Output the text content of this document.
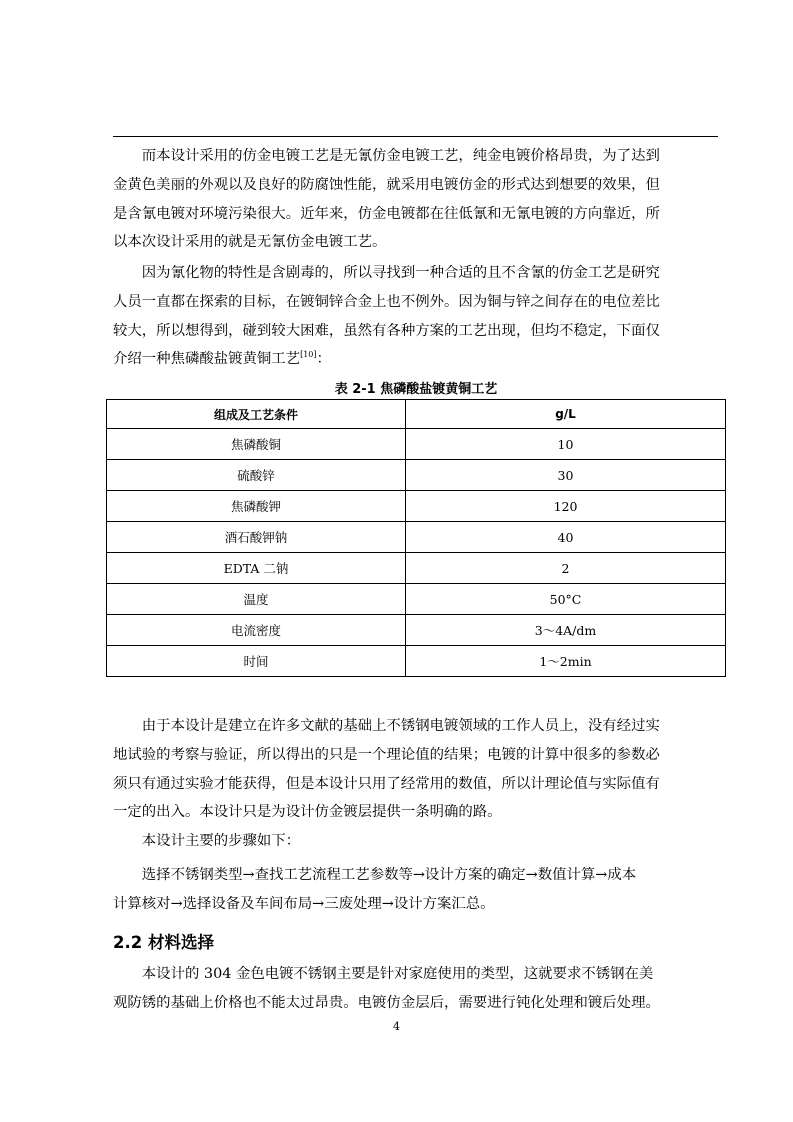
　　而本设计采用的仿金电镀工艺是无氰仿金电镀工艺，纯金电镀价格昂贵，为了达到
金黄色美丽的外观以及良好的防腐蚀性能，就采用电镀仿金的形式达到想要的效果，但
是含氰电镀对环境污染很大。近年来，仿金电镀都在往低氰和无氰电镀的方向靠近，所
以本次设计采用的就是无氰仿金电镀工艺。
　　因为氰化物的特性是含剧毒的，所以寻找到一种合适的且不含氰的仿金工艺是研究
人员一直都在探索的目标，在镀铜锌合金上也不例外。因为铜与锌之间存在的电位差比
较大，所以想得到，碰到较大困难，虽然有各种方案的工艺出现，但均不稳定，下面仅
介绍一种焦磷酸盐镀黄铜工艺[10]：
表 2-1 焦磷酸盐镀黄铜工艺
组成及工艺条件	g/L
焦磷酸铜	10
硫酸锌	30
焦磷酸钾	120
酒石酸钾钠	40
EDTA 二钠	2
温度	50°C
电流密度	3～4A/dm
时间	1～2min
　　由于本设计是建立在许多文献的基础上不锈钢电镀领域的工作人员上，没有经过实
地试验的考察与验证，所以得出的只是一个理论值的结果；电镀的计算中很多的参数必
须只有通过实验才能获得，但是本设计只用了经常用的数值，所以计理论值与实际值有
一定的出入。本设计只是为设计仿金镀层提供一条明确的路。
　　本设计主要的步骤如下：
　　选择不锈钢类型→查找工艺流程工艺参数等→设计方案的确定→数值计算→成本
计算核对→选择设备及车间布局→三废处理→设计方案汇总。
2.2 材料选择
　　本设计的 304 金色电镀不锈钢主要是针对家庭使用的类型，这就要求不锈钢在美
观防锈的基础上价格也不能太过昂贵。电镀仿金层后，需要进行钝化处理和镀后处理。
4
